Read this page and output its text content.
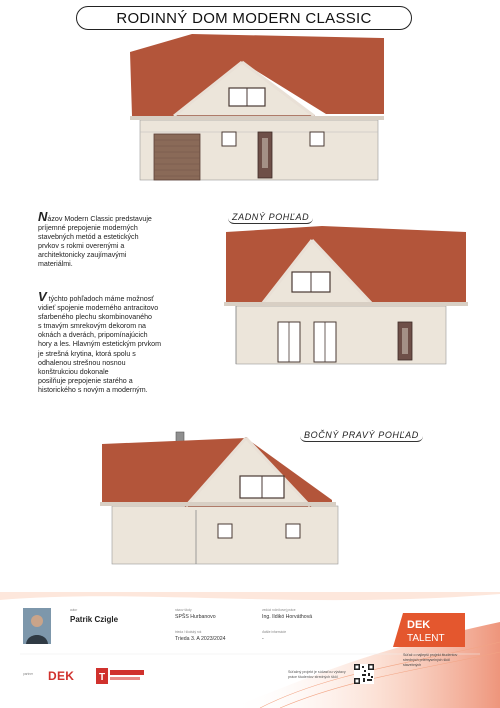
RODINNÝ DOM MODERN CLASSIC
ZADNÝ POHĽAD

Názov Modern Classic predstavuje
príjemné prepojenie moderných
stavebných metód a estetických
prvkov s rokmi overenými a
architektonicky zaujímavými
materiálmi.

V týchto pohľadoch máme možnosť
vidieť spojenie moderného antracitovo
sfarbeného plechu skombinovaného
s tmavým smrekovým dekorom na
oknách a dverách, pripomínajúcich
hory a les. Hlavným estetickým prvkom
je strešná krytina, ktorá spolu s
odhalenou strešnou nosnou
konštrukciou dokonale
posilňuje prepojenie starého a
historického s novým a moderným.

BOČNÝ PRAVÝ POHĽAD
autor
Patrik Czigle
názov školy
SPŠS Hurbanovo
vedúci ročníkovej práce
Ing. Ildikó Horváthová
trieda / školský rok
Trieda 3. A 2023/2024
ďalšie informácie
-
partner DEK T
DEK
TALENT
Súťažný projekt je súčasťou výstavy práce študentov stredných škôl
Súťaž o najlepší projekt študentov stredných priemyselných škôl stavebných
